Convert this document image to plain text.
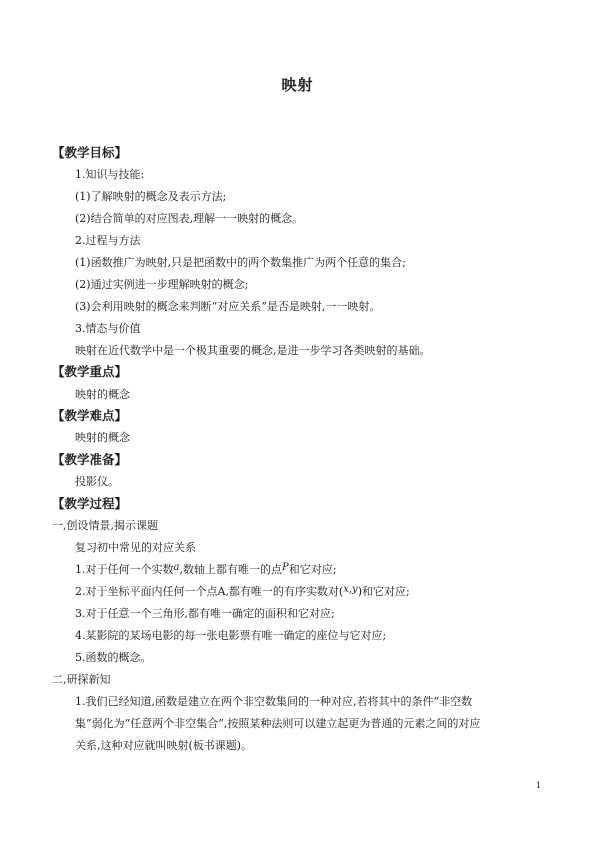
映射
【教学目标】
1.知识与技能:
(1)了解映射的概念及表示方法;
(2)结合简单的对应图表,理解一一映射的概念。
2.过程与方法
(1)函数推广为映射,只是把函数中的两个数集推广为两个任意的集合;
(2)通过实例进一步理解映射的概念;
(3)会利用映射的概念来判断“对应关系”是否是映射,一一映射。
3.情态与价值
映射在近代数学中是一个极其重要的概念,是进一步学习各类映射的基础。
【教学重点】
映射的概念
【教学难点】
映射的概念
【教学准备】
投影仪。
【教学过程】
一,创设情景,揭示课题
复习初中常见的对应关系
1.对于任何一个实数a,数轴上都有唯一的点P和它对应;
2.对于坐标平面内任何一个点A,都有唯一的有序实数对(x,y)和它对应;
3.对于任意一个三角形,都有唯一确定的面积和它对应;
4.某影院的某场电影的每一张电影票有唯一确定的座位与它对应;
5.函数的概念。
二,研探新知
1.我们已经知道,函数是建立在两个非空数集间的一种对应,若将其中的条件“非空数
集”弱化为“任意两个非空集合”,按照某种法则可以建立起更为普通的元素之间的对应
关系,这种对应就叫映射(板书课题)。
1
